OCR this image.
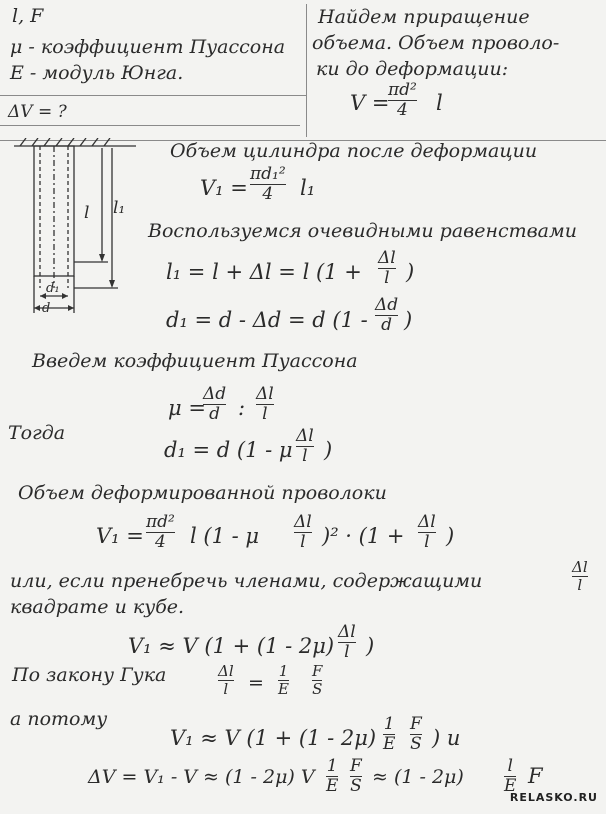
l, F
μ - коэффициент Пуассона
E - модуль Юнга.
ΔV = ?
Найдем приращение
объема. Объем проволо-
ки до деформации:
V =
πd²
4 l
l l₁
d₁
d
Объем цилиндра после деформации
V₁ =
πd₁²
4 l₁
Воспользуемся очевидными равенствами
l₁ = l + Δl = l (1 +
Δl
l )
d₁ = d - Δd = d (1 -
Δd
d )
Введем коэффициент Пуассона
μ =
Δd
d :
Δl
l
Тогда
d₁ = d (1 - μ
Δl
l )
Объем деформированной проволоки
V₁ =
πd²
4 l (1 - μ
Δl
l )² · (1 +
Δl
l )
или, если пренебречь членами, содержащими
Δl
l
квадрате и кубе.
V₁ ≈ V (1 + (1 - 2μ)
Δl
l )
По закону Гука	Δl
l =
1
E
F
S
а потому
V₁ ≈ V (1 + (1 - 2μ)
1
E
F
S ) и
ΔV = V₁ - V ≈ (1 - 2μ) V 1
E
F
S ≈ (1 - 2μ)	l
E F
RELASKO.RU
